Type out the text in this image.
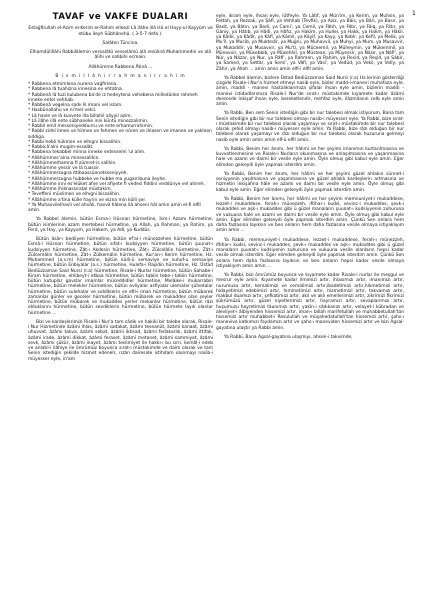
1
TAVAF ve VAKFE DUALARI
Estağfirullah el-Azim el-Kerim er-Rahim elleezi Lâ ilâhe illâ Hû el Hayy-ul Kayyûm ve etûbu ileyh Sübhânehû. ( 3-5-7 defa ).
Salâten Tüncina.
Elhamdülillâhi Rabbilâlemin vessalâtü vesselâmü alâ resûlinâ Muhammedin ve alâ âlihi ve sahbihi ecmain.
Allâhümme Rabbena Âtinâ ...
B i s m i l l â h i r r a h m a n i r r a h i m
* Rabbena etmimlena nurena vağfirlena.
* Rabbena lâ tuahizna innesina ev ehtatna.
* Rabbenâ lâ tuzi kulubena ba'de iz hedeytena vehebena milledünke rahmeh inneke entel vehhab.
* Rabbenâ vegelna sadıı lil imani vel islam.
* Hasbünallahu ve ni'mel vekil.
* Lâ havle ve lâ kuvvete illa billahil aliyyil azim.
* Lâ ilâhe illâ ente sübhaneke inni küntü minezzalimin.
* Rabbil emil messeniyedduırru ve ente erhamurrahimin.
* Rabbi zidnî ilmen ve hilmen ve fehmen ve nûren ve ihlasen ve imanen ve yakînen sıddiga.
* Rabbi hebli hükmen ve elhıgni bissalihin.
* Rabbicâ'alni mugim-essalât.
* Rabbena tekabbel minna inneke entessemi 'ul alim.
* Allâhümmec'alna minessalihin.
* Allâhümmerhamna fi zümret-is salihin.
* Allâhümme yessir ve lâ tuassir.
* Allâhümmerzugna ittibaassünnetsseniyyeh.
* Allâhümmerzugna hubbeke ve hubbe ma yugarribuna ileyhe.
* Allâhümme inni es'elüket afve vel afiyete fi vedesi fiddini veddünye vel ahireh.
* Allâhümme ihdinassıratal müstakim.
* Teveffeni müslimen ve elhıgni bissalihin.
* Allâhümme a'tina külle hayrin ve eizna min külli şer.
* Ya Muhavvilelhavli vel ahvâli, havvil hâlena ilâ ahseni hâl amin amin el-fi elfil amin.
Ya Rabbel âlemin, bütün Esma-i Hüsnan hürmetine, İsm-i Azamı hürmetine, bütün isimlerinin azam mertebesi hürmetine, ya Allah, ya Rahman, ya Rahim, ya Ferd, ya Hay, ya Kayyum, ya Hakem, ya Adl, ya Kuddüs.
Bütün âsâr-ı bediiyen hürmetine, bütün ef'al-i münezzehen hürmetine, bütün Esmâ-i Hüsnan hürmetine, bütün sıfat-ı kudsiyyen hürmetine, bütün şuunat-ı kudsiyyen hürmetine, Zât-ı Akdesin hürmetine, Zât-ı Zülcelâlin hürmetine, Zât-ı Zülcemâlin hürmetine, Zât-ı Zülkemâlin hürmetine, Kur'an-ı Kerim hürmetine, Hz. Muhammed (a.s.m) hürmetine, bütün külli-ü semaviye ve suhuf-u semaviye hürmetine, bütün Enbiyalar (a.s.) hürmetine, Hulefa-i Raşidin hürmetine, Hz. Üstad Bediüzzaman Said Nursi (r.a) hürmetine, Risale-i Nurlar hürmetine, bütün Sahabe-i Kiram hürmetine, ehlibeyt-i etbaa hürmetine, bütün tabiin tebe-i tabiin hürmetine, bütün kutuplar gavslar imamlar müceddidler hürmetine, Melâike-i mukarrabin hürmetine, bütün melekler hürmetine, bütün evliyalar asfiyalar ulemalar şühedalar hürmetine, bütün sulehalar ve sıddiklerin ve efil-i iman hürmetine, bütün mübarek zamanlar günler ve geceler hürmetine, bütün mübarek ve mukaddes olan şeyler hürmetine, bütün mübarek ve mukaddes yerler mekanlar hürmetine, bütün râzı olduklarını hürmetine, bütün sevdiklerin hürmetine, bütün hürmete layık olanlar hürmetine ...
Bizi ve kardeşlerimizi Risale-i Nur'a tam sâdık ve hakiki bir talebe olarak, Risale-i Nur Hizmetinde âzâmi ihlas, âzâmi sadakat, âzâmi teseanüt, âzâmi kanaat, âzâmi uhuvvet, âzâmi takva, âzâmi sebat, âzâmi iktisad, âzâmi fedakarlık, âzâmi ittifak, âzâmi irade, âzâmi dikkat, âzâmi feraset, âzâmi metanet, âzâmi sammiyet, âzâmi sevk, âzâmi şükür, âzâmi inayet, âzâmi teslimiyet ile hakkı-ı bu sırrı, kemâl-i edeb ve anlatıl-i ilâhiye ile ömrümüz boyunca sırat-ı müstakimde ve daim olarak ve tam Senin istediğin şekilde hizmet edenelr, rızân daireside istihdam olunmayı nasib-i müyesser eyle, in'am
eyle, ikram eyle, ihsan eyle, lütfeyle. Ya Lâtif, ya Mün'im, ya Kerim, ya Muhsin, ya Fettah, ya Rezzak, ya Şâfi, ya Vehhab (Tevfik), ya Aziz, ya Bâis, ya Bâri, ya Basır, ya Basit, ya Bâtın, ya Bedi, ya Cami', ya Cemil, ya Fâtıh, ya Fâtır, ya Fâiq, ya Fâtır, ya Gâniy, ya Hâtıb, ya Hâdi, ya Hâfız, ya Hakim, ya Hullel, ya Hakk, ya Halim, ya Hâkil, ya Kâdir, ya Kâdîr, ya Kâfî, ya Kâmil, ya Kâyif, ya Kayy, ya Kebîr, ya Kefil, ya Melik, ya Mu'îl, ya Mucib, ya Muktedir, ya Muğni, ya Muhavvil, ya Muhyi, ya Mum, ya Musavvir, ya Mukaddir, ya Musavvir, ya Mu'ti, ya Müceemil, ya Müheymin, ya Mükemmil, ya Münevvir, ya Müsebbib, ya Müsehhil, ya Müstean, ya Müyessir, ya Nâsır, ya Nâfi', ya Nûr, ya Nâzar, ya Nur, ya Râfi', ya Rahmen, ya Rahim, ya Recid, ya Reşid, ya Sâbir, ya Samed, ya Settâr, ya Semi', ya Vâfi, ya Vâsi', ya Vedüd, ya Vekil, ya Velîy, ya Zâhir, ya Allah ... amin amin amin elfi-i elfil amin.
Ya Rabbel âlemin, bizlere Üstad Bediüzzaman Said Nursi (r.a) Hz.lerinin gösterdiği çizgide Risale-i Nur'a hizmet etmeyi nasib eyle, bizler madd-i-manevi muhafaza eyle, amin, maddi - manevi hastalıklarımıza şifalar ihsan eyle amin, bizlerin maddi - manevi istidadlarımıza Risale-i Nur'de sırat-ı müstakimde kıyamete kadar âzâmi derecede inkişaf ihsan eyle, bereketlendir, mehfaz eyle, ilâzmilanın celb eyle amin amin.
Ya Rabbi, Ben sem Senin istediğin gibi bir nur talebesi olmak istiyorum, Bana tam Senin istediğin gibi bir nur talebesi olmayı nasib-i müyesser eyle. Ya Rabbi, bize sırat-ı müstakimde bir nur talebesi olarak yaşamayı ve sırat-ı müstakimde bir nur talebesi olarak şehid olmayı nasib-i müyesser eyle amin. Ya Rabbi, bize râzı olduğun bir nur talebesi olarak yaşamayı ve râzı olduğun bir nur talebesi olarak huzuruna gelmeyi nasib eyle amin amin amin elf-ü elfil amin..
Ya Rabbi, Benim her ânımı, her hâlimi ve her şeyimi imanımın kurtarılmasına ve kuvvetlenmesine ve Risale-i Nurların okunmasına ve anlaşılmasına ve yaşanmasına hale ve azami ve daimi bir vesile eyle amin. Öyle olmuş gibi kabul eyle amin. Eğer elimden gelseydi öyle yapmak isterdim amin.
Ya Rabbi, Benim her ânımı, her hâlimi ve her şeyimi güzel ahlakın sünnet-i seniyyenin yaşılmasına ve yaşanmasına ve güzel ahlaklı kardeşlerin artmasına ve hizmetin inkişafına hâle ve azami ve daimi bir vesile eyle amin. Öyle olmuş gibi kabul eyle amin. Eğer elimden gelseydi öyle yapmak isterdim amin.
Ya Rabbi, Benim her ânımı, her hâlimi ve her şeyimi memnuniyet-i mukaddese, lezzet-i mukaddese, ferah-ı münezzeh, iftihar-ı kudsî, sevinc-i mukaddes, şevk-ı mukaddes ve aşk-ı mukaddes gibi ü güzel manaların şuunat-ı kudsiyyenin zuhuruna ve vukuuna hale ve azami ve daimi bir vesile eyle amin. Öyle olmuş gibi kabul eyle amin. Eğer elimden gelseydi öyle yapmak isterdim amin. Çünkü Sen onlara hem daha fazlasına layıksın ve ben onların hem daha fazlasına vesile olmaya istiyaklıyım amin amin ...
Ya Rabbi, memnuniyet-i mukaddese, lezzet-i mukaddese, ferah-ı münezzeh, iftihar-ı kudsi, sevinc-i mukaddes, şevk-ı mukaddes ve aşk-ı mukaddes gibi ü güzel manaların şuunat-ı kudsiyenin zuhuruna ve vukuuna vesile olanların hepsi kadar vesile olmak isterdim. Eğer elimden gelseydi öyle yapmak isterdim amin. Çünkü Sen onlara hem daha fazlasına layıksın ve ben onların hepsi kadar vesile olmaya istiyaklıyım amin amin ...
Ya Rabbi, bizi ömrümüz boyunca ve kıyamete kadar Risale-i nurlar ile meşgul ve mesrur eyle amin. Kıyamete kadar ilmimizi artır, ihlasımızı artır, imanımızı artır, nurumuzu artır, kemalimizi ve cemalimizi artır,ibadetimizi artır,hikmetimizi artır, hidayetimizi edebimizi artır, himmetimizi artır, hizmetimizi artır, takvamızı artır, makbul duamızı artır, şefkatimizi artır, akıl ve aklı emellerimizi artır, zikrimizi fikrimizi şükrümüzü artır, güzel niyetlerimizi artır, hayramızı artır, sevaplarımızı artır, huşumuzu hayretimizi tâunımızı artır, yakîn-i sâdıkanızı artır, velayet-i kübradan ve alevliyet-i âlbiyenden hissemizi artır, iman-ı billah marifetullah ve muhabbetullah'tan hissemizi artır muhabbet-i Resulullah ve müşahedatullah'tan hissemizi artır, şahs-ı manevive katkımızı faydamızı artır ve şahs-ı maneviden hissemizi artır ve bizi Agsal-gayatına ulaştır ya Rabbi amin.
Ya Rabbi, Bana Agsal-gayatına ulaşmıyı, ahsen-i takvimde,
